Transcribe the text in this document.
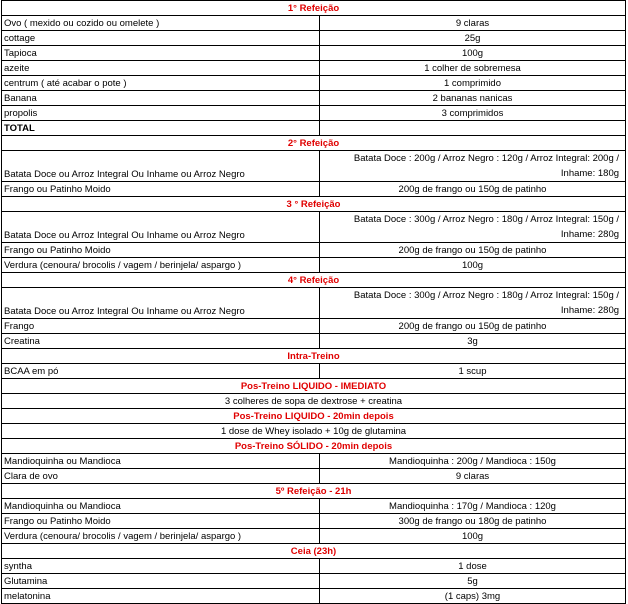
1° Refeição	
Ovo ( mexido ou cozido ou omelete )	9 claras
cottage	25g
Tapioca	100g
azeite	1 colher de sobremesa
centrum ( até acabar o pote )	1 comprimido
Banana	2 bananas nanicas
propolis	3 comprimidos
TOTAL	
2° Refeição	
Batata Doce ou Arroz Integral Ou Inhame ou Arroz Negro	Batata Doce : 200g / Arroz Negro : 120g / Arroz Integral: 200g / Inhame: 180g
Frango ou Patinho Moido	200g de frango ou 150g de patinho
3 ° Refeição	
Batata Doce ou Arroz Integral Ou Inhame ou Arroz Negro	Batata Doce : 300g / Arroz Negro : 180g / Arroz Integral: 150g / Inhame: 280g
Frango ou Patinho Moido	200g de frango ou 150g de patinho
Verdura (cenoura/ brocolis / vagem / berinjela/ aspargo )	100g
4° Refeição	
Batata Doce ou Arroz Integral Ou Inhame ou Arroz Negro	Batata Doce : 300g / Arroz Negro : 180g / Arroz Integral: 150g / Inhame: 280g
Frango	200g de frango ou 150g de patinho
Creatina	3g
Intra-Treino	
BCAA em pó	1 scup
Pos-Treino LIQUIDO - IMEDIATO	
3 colheres de sopa de dextrose + creatina	
Pos-Treino LIQUIDO - 20min depois	
1 dose de Whey isolado + 10g de glutamina	
Pos-Treino SÓLIDO - 20min depois	
Mandioquinha ou Mandioca	Mandioquinha : 200g / Mandioca : 150g
Clara de ovo	9 claras
5º Refeição - 21h	
Mandioquinha ou Mandioca	Mandioquinha : 170g / Mandioca : 120g
Frango ou Patinho Moido	300g de frango ou 180g de patinho
Verdura (cenoura/ brocolis / vagem / berinjela/ aspargo )	100g
Ceia (23h)	
syntha	1 dose
Glutamina	5g
melatonina	(1 caps) 3mg
